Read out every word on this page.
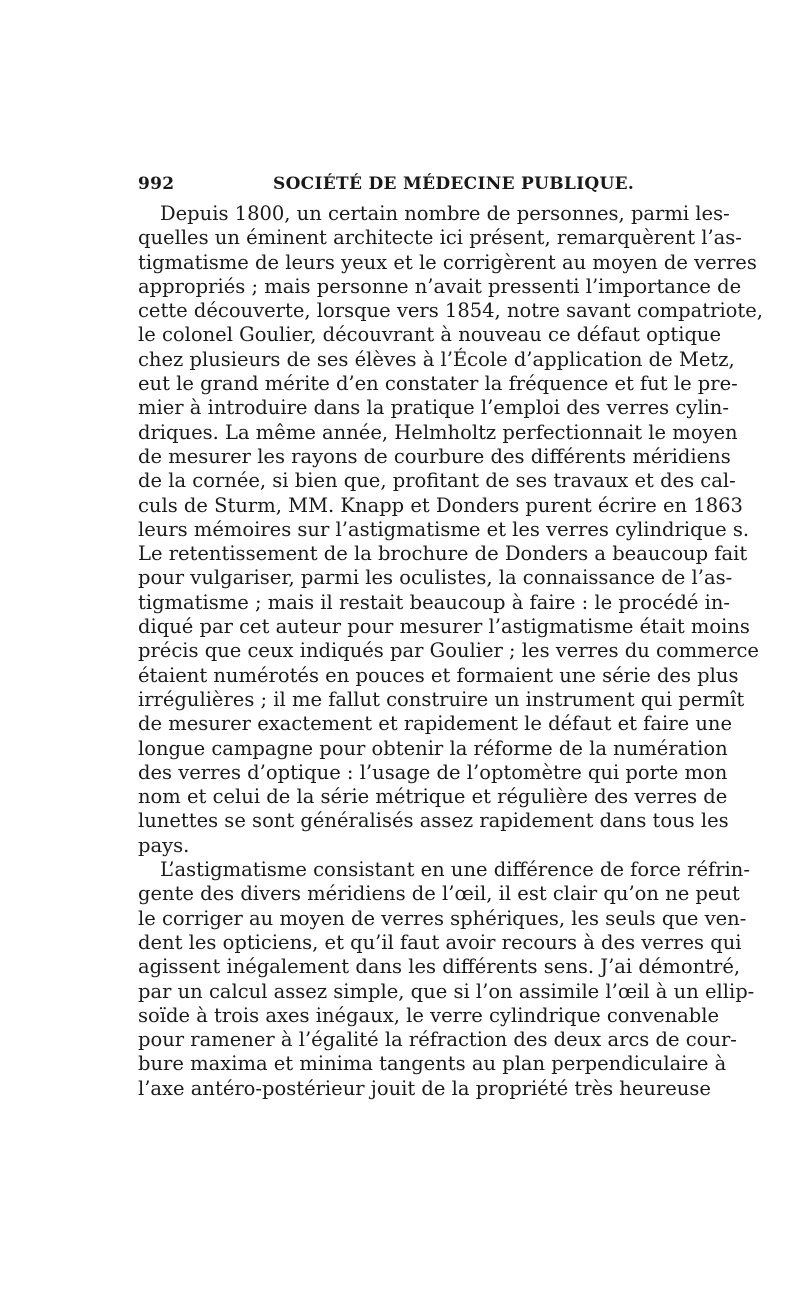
992	SOCIÉTÉ DE MÉDECINE PUBLIQUE.
Depuis 1800, un certain nombre de personnes, parmi les-
quelles un éminent architecte ici présent, remarquèrent l’as-
tigmatisme de leurs yeux et le corrigèrent au moyen de verres
appropriés ; mais personne n’avait pressenti l’importance de
cette découverte, lorsque vers 1854, notre savant compatriote,
le colonel Goulier, découvrant à nouveau ce défaut optique
chez plusieurs de ses élèves à l’École d’application de Metz,
eut le grand mérite d’en constater la fréquence et fut le pre-
mier à introduire dans la pratique l’emploi des verres cylin-
driques. La même année, Helmholtz perfectionnait le moyen
de mesurer les rayons de courbure des différents méridiens
de la cornée, si bien que, profitant de ses travaux et des cal-
culs de Sturm, MM. Knapp et Donders purent écrire en 1863
leurs mémoires sur l’astigmatisme et les verres cylindrique s.
Le retentissement de la brochure de Donders a beaucoup fait
pour vulgariser, parmi les oculistes, la connaissance de l’as-
tigmatisme ; mais il restait beaucoup à faire : le procédé in-
diqué par cet auteur pour mesurer l’astigmatisme était moins
précis que ceux indiqués par Goulier ; les verres du commerce
étaient numérotés en pouces et formaient une série des plus
irrégulières ; il me fallut construire un instrument qui permît
de mesurer exactement et rapidement le défaut et faire une
longue campagne pour obtenir la réforme de la numération
des verres d’optique : l’usage de l’optomètre qui porte mon
nom et celui de la série métrique et régulière des verres de
lunettes se sont généralisés assez rapidement dans tous les
pays.
L’astigmatisme consistant en une différence de force réfrin-
gente des divers méridiens de l’œil, il est clair qu’on ne peut
le corriger au moyen de verres sphériques, les seuls que ven-
dent les opticiens, et qu’il faut avoir recours à des verres qui
agissent inégalement dans les différents sens. J’ai démontré,
par un calcul assez simple, que si l’on assimile l’œil à un ellip-
soïde à trois axes inégaux, le verre cylindrique convenable
pour ramener à l’égalité la réfraction des deux arcs de cour-
bure maxima et minima tangents au plan perpendiculaire à
l’axe antéro-postérieur jouit de la propriété très heureuse
